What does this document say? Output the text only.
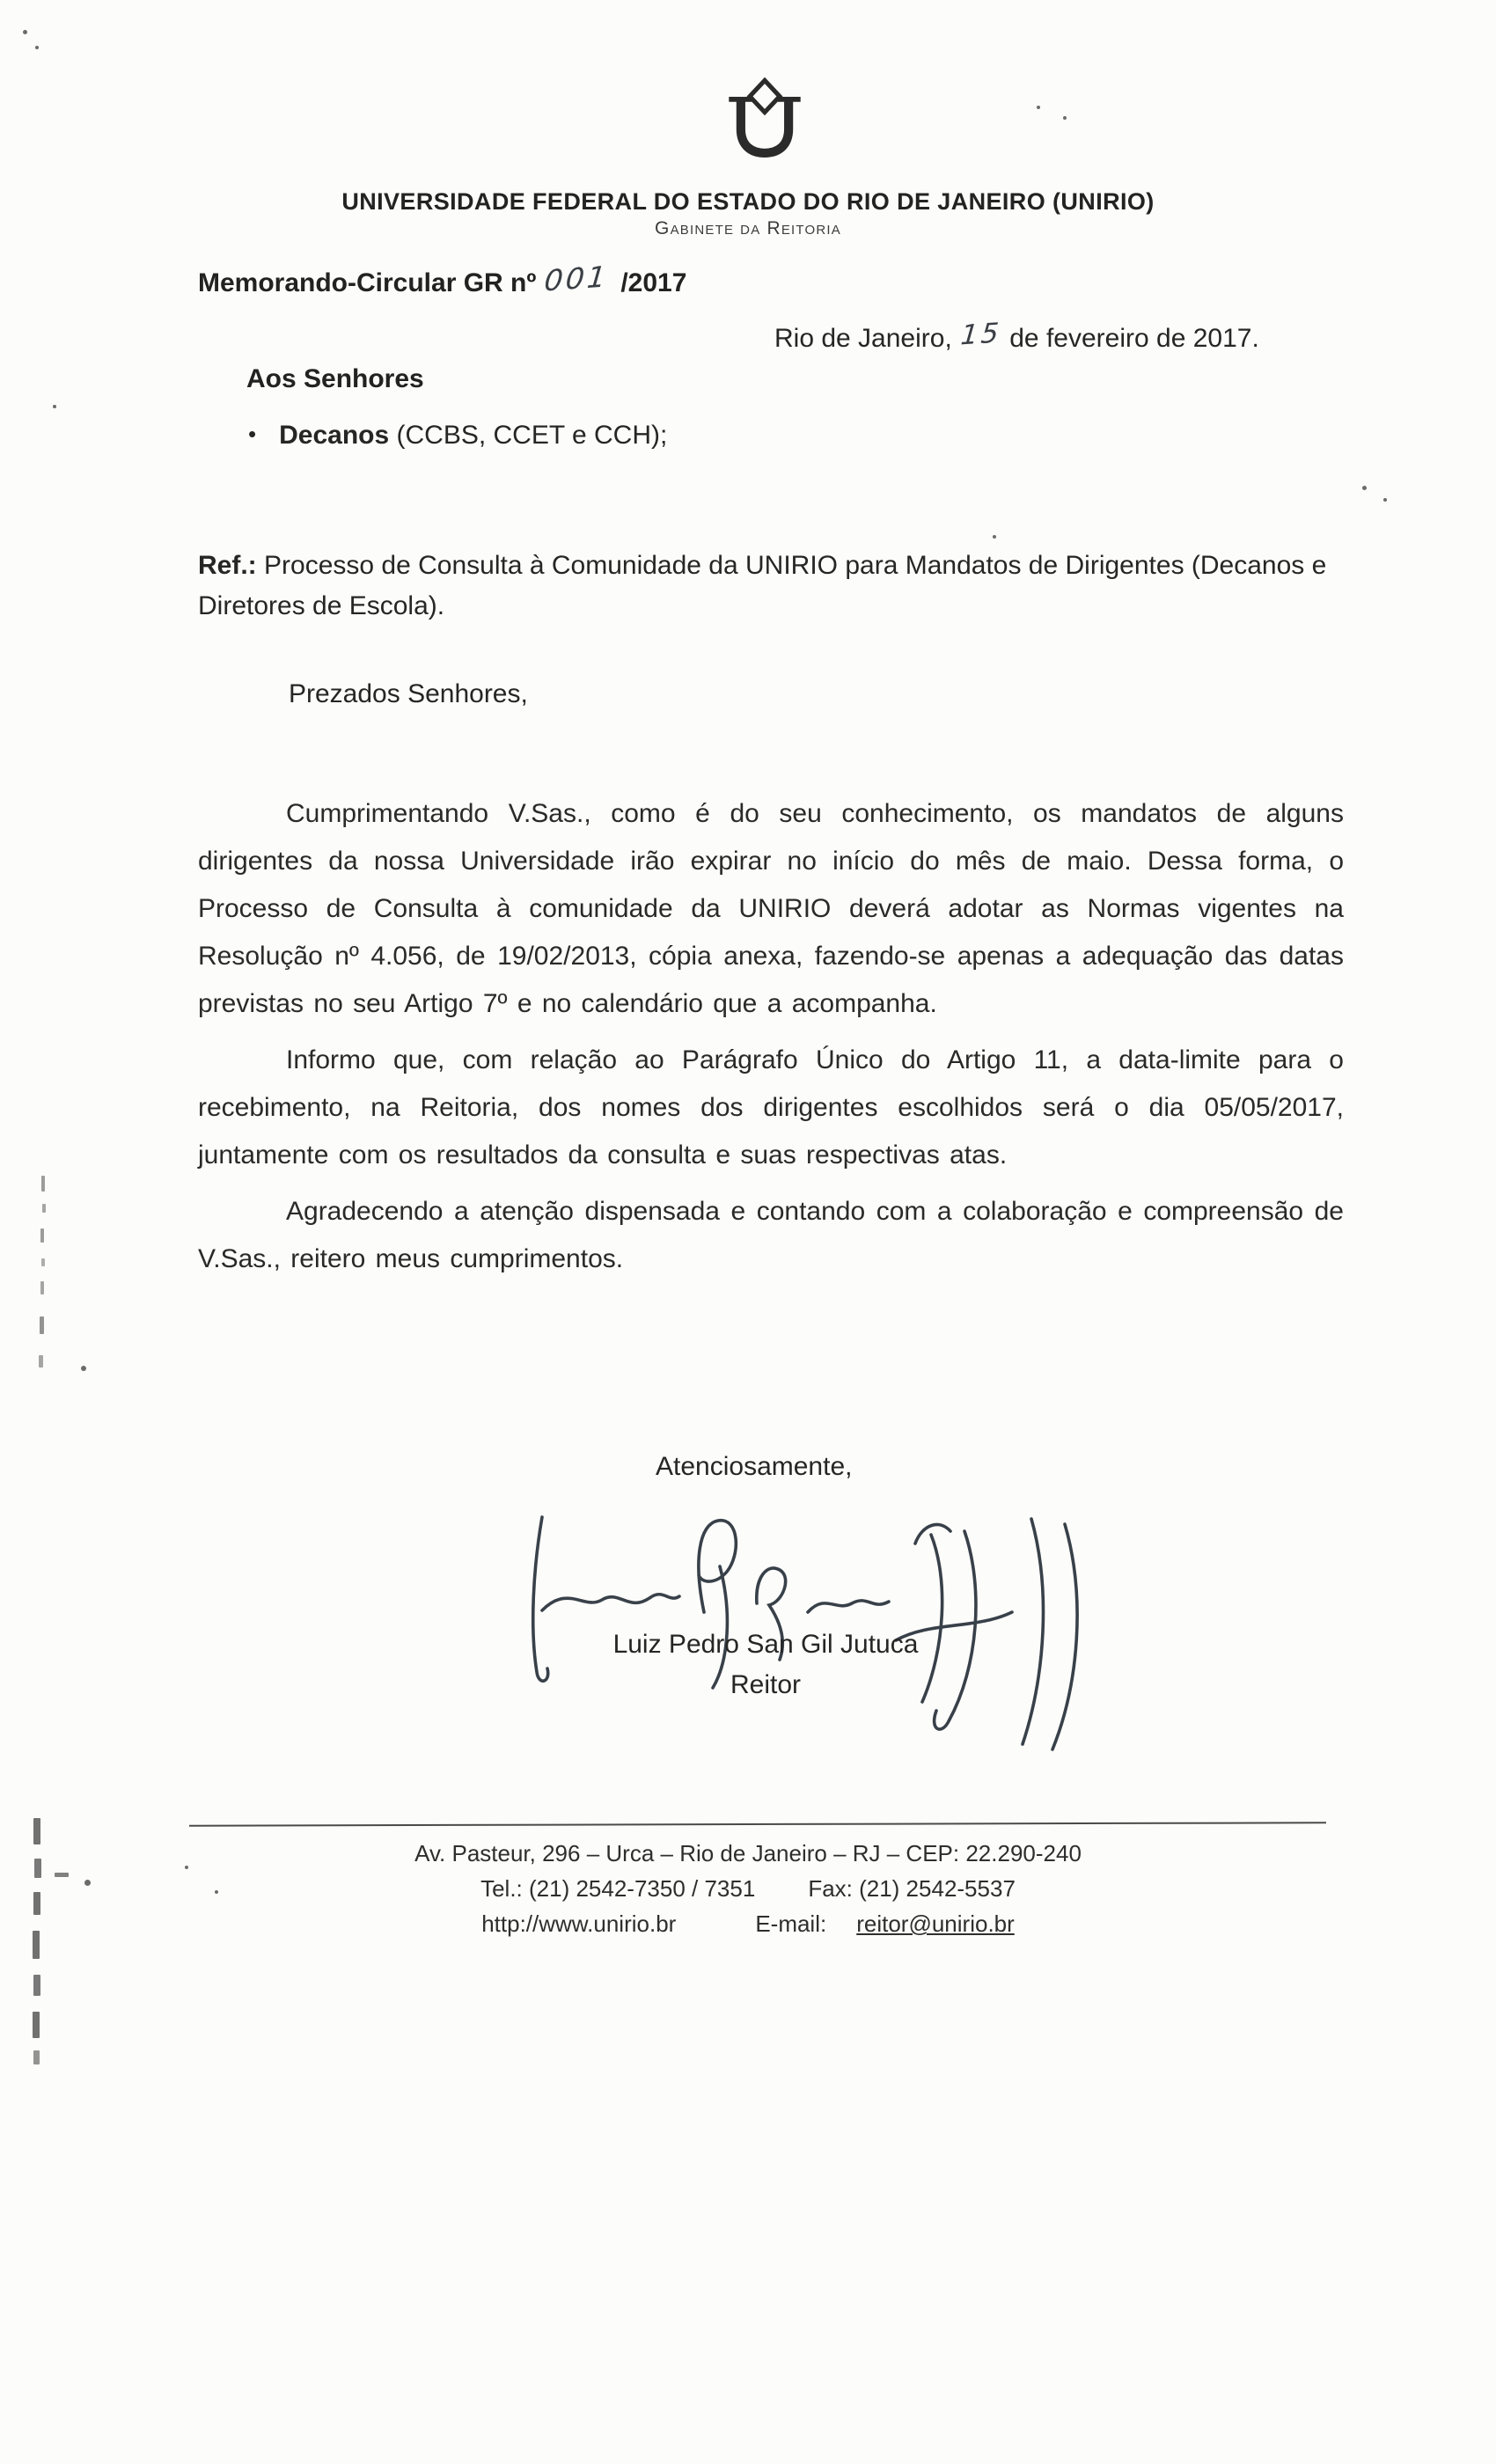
UNIVERSIDADE FEDERAL DO ESTADO DO RIO DE JANEIRO (UNIRIO)
Gabinete da Reitoria
Memorando-Circular GR nº 001 /2017
Rio de Janeiro, 15 de fevereiro de 2017.
Aos Senhores
• Decanos (CCBS, CCET e CCH);
Ref.: Processo de Consulta à Comunidade da UNIRIO para Mandatos de Dirigentes (Decanos e Diretores de Escola).
Prezados Senhores,

Cumprimentando V.Sas., como é do seu conhecimento, os mandatos de alguns dirigentes da nossa Universidade irão expirar no início do mês de maio. Dessa forma, o Processo de Consulta à comunidade da UNIRIO deverá adotar as Normas vigentes na Resolução nº 4.056, de 19/02/2013, cópia anexa, fazendo-se apenas a adequação das datas previstas no seu Artigo 7º e no calendário que a acompanha.

Informo que, com relação ao Parágrafo Único do Artigo 11, a data-limite para o recebimento, na Reitoria, dos nomes dos dirigentes escolhidos será o dia 05/05/2017, juntamente com os resultados da consulta e suas respectivas atas.

Agradecendo a atenção dispensada e contando com a colaboração e compreensão de V.Sas., reitero meus cumprimentos.

Atenciosamente,
Luiz Pedro San Gil Jutuca
Reitor
Av. Pasteur, 296 – Urca – Rio de Janeiro – RJ – CEP: 22.290-240
Tel.: (21) 2542-7350 / 7351 Fax: (21) 2542-5537
http://www.unirio.br	E-mail: reitor@unirio.br
